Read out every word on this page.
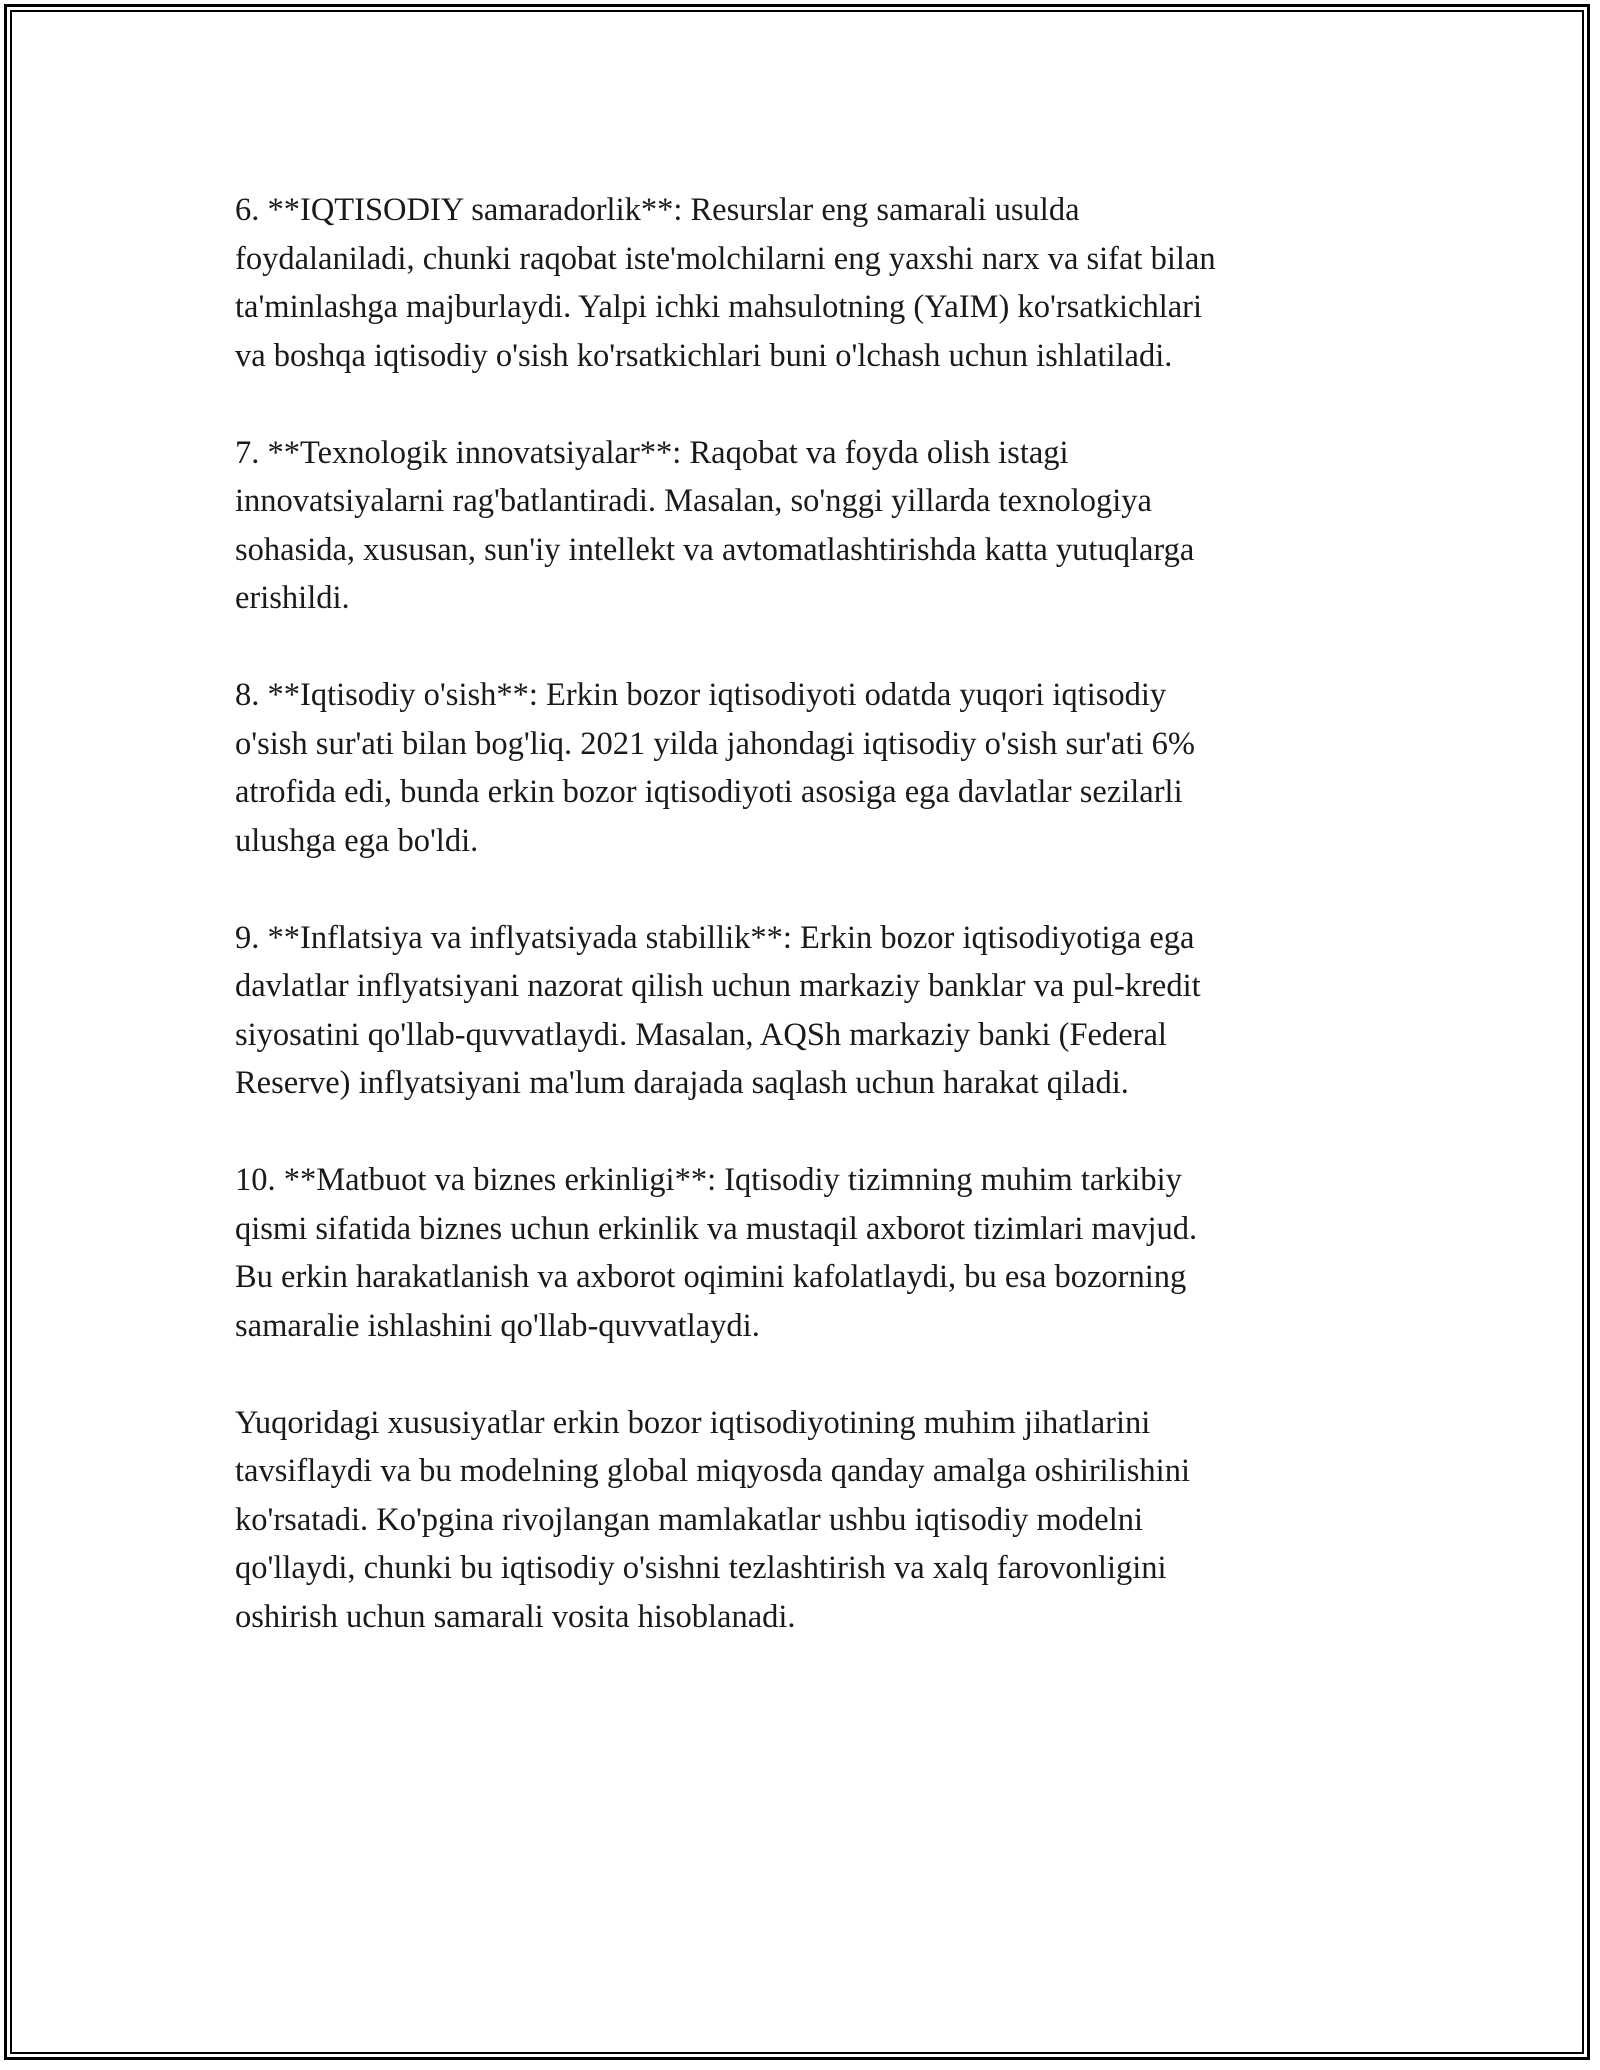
6. **IQTISODIY samaradorlik**: Resurslar eng samarali usulda
foydalaniladi, chunki raqobat iste'molchilarni eng yaxshi narx va sifat bilan
ta'minlashga majburlaydi. Yalpi ichki mahsulotning (YaIM) ko'rsatkichlari
va boshqa iqtisodiy o'sish ko'rsatkichlari buni o'lchash uchun ishlatiladi.

7. **Texnologik innovatsiyalar**: Raqobat va foyda olish istagi
innovatsiyalarni rag'batlantiradi. Masalan, so'nggi yillarda texnologiya
sohasida, xususan, sun'iy intellekt va avtomatlashtirishda katta yutuqlarga
erishildi.

8. **Iqtisodiy o'sish**: Erkin bozor iqtisodiyoti odatda yuqori iqtisodiy
o'sish sur'ati bilan bog'liq. 2021 yilda jahondagi iqtisodiy o'sish sur'ati 6%
atrofida edi, bunda erkin bozor iqtisodiyoti asosiga ega davlatlar sezilarli
ulushga ega bo'ldi.

9. **Inflatsiya va inflyatsiyada stabillik**: Erkin bozor iqtisodiyotiga ega
davlatlar inflyatsiyani nazorat qilish uchun markaziy banklar va pul-kredit
siyosatini qo'llab-quvvatlaydi. Masalan, AQSh markaziy banki (Federal
Reserve) inflyatsiyani ma'lum darajada saqlash uchun harakat qiladi.

10. **Matbuot va biznes erkinligi**: Iqtisodiy tizimning muhim tarkibiy
qismi sifatida biznes uchun erkinlik va mustaqil axborot tizimlari mavjud.
Bu erkin harakatlanish va axborot oqimini kafolatlaydi, bu esa bozorning
samaralie ishlashini qo'llab-quvvatlaydi.

Yuqoridagi xususiyatlar erkin bozor iqtisodiyotining muhim jihatlarini
tavsiflaydi va bu modelning global miqyosda qanday amalga oshirilishini
ko'rsatadi. Ko'pgina rivojlangan mamlakatlar ushbu iqtisodiy modelni
qo'llaydi, chunki bu iqtisodiy o'sishni tezlashtirish va xalq farovonligini
oshirish uchun samarali vosita hisoblanadi.
